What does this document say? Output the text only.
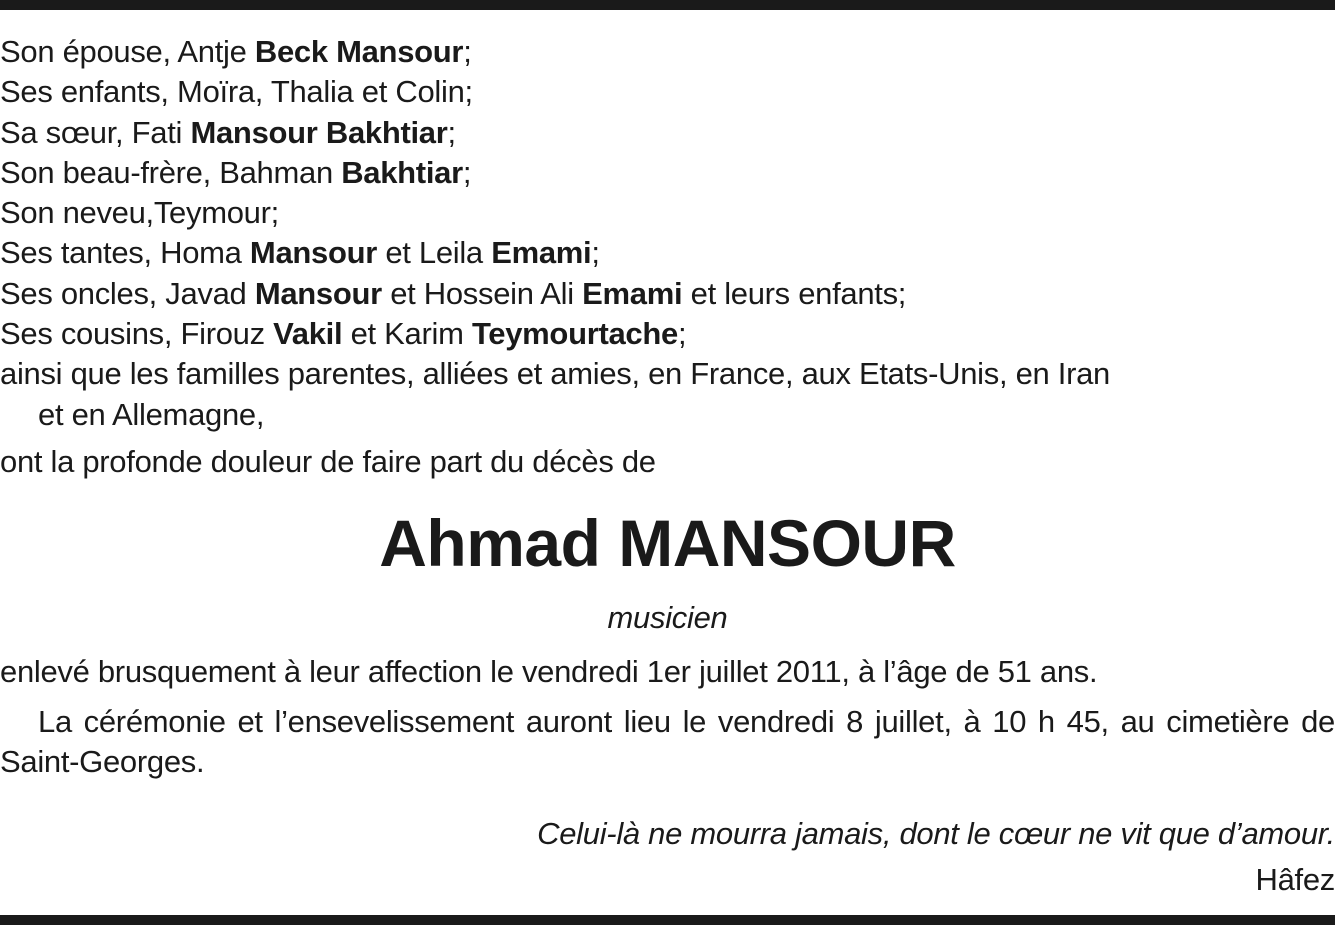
Son épouse, Antje Beck Mansour;

Ses enfants, Moïra, Thalia et Colin;

Sa sœur, Fati Mansour Bakhtiar;

Son beau-frère, Bahman Bakhtiar;

Son neveu,Teymour;

Ses tantes, Homa Mansour et Leila Emami;

Ses oncles, Javad Mansour et Hossein Ali Emami et leurs enfants;

Ses cousins, Firouz Vakil et Karim Teymourtache;

ainsi que les familles parentes, alliées et amies, en France, aux Etats-Unis, en Iran

et en Allemagne,

ont la profonde douleur de faire part du décès de

Ahmad MANSOUR
musicien

enlevé brusquement à leur affection le vendredi 1er juillet 2011, à l’âge de 51 ans.

La cérémonie et l’ensevelissement auront lieu le vendredi 8 juillet, à 10 h 45, au cimetière de Saint-Georges.

Celui-là ne mourra jamais, dont le cœur ne vit que d’amour.
Hâfez
